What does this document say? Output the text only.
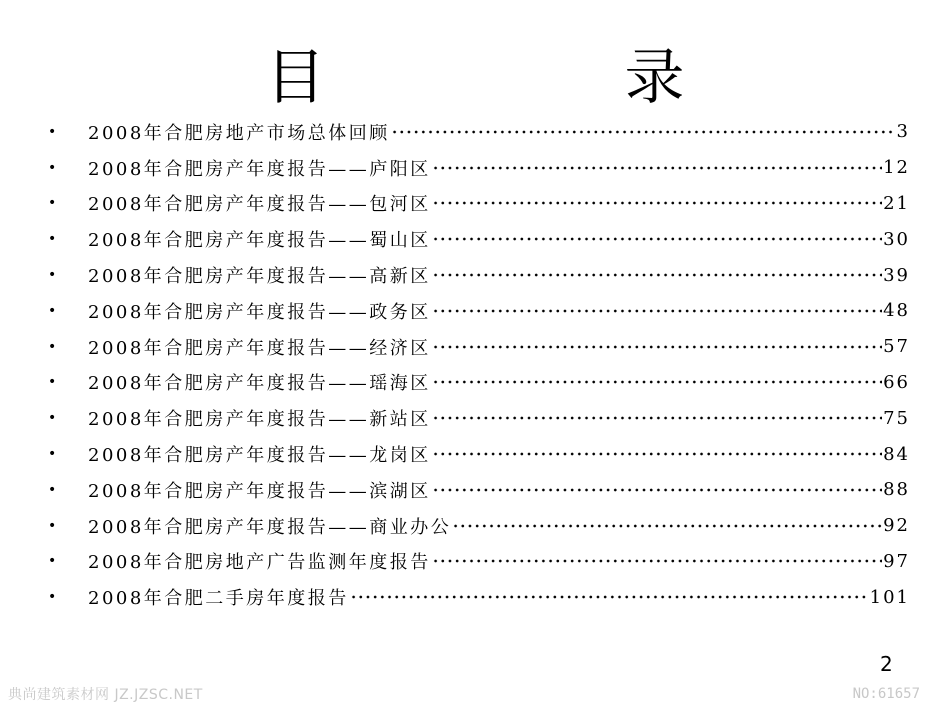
目 录
•	2008年合肥房地产市场总体回顾	3
•	2008年合肥房产年度报告——庐阳区	12
•	2008年合肥房产年度报告——包河区	21
•	2008年合肥房产年度报告——蜀山区	30
•	2008年合肥房产年度报告——高新区	39
•	2008年合肥房产年度报告——政务区	48
•	2008年合肥房产年度报告——经济区	57
•	2008年合肥房产年度报告——瑶海区	66
•	2008年合肥房产年度报告——新站区	75
•	2008年合肥房产年度报告——龙岗区	84
•	2008年合肥房产年度报告——滨湖区	88
•	2008年合肥房产年度报告——商业办公	92
•	2008年合肥房地产广告监测年度报告	97
•	2008年合肥二手房年度报告	101
2
典尚建筑素材网 JZ.JZSC.NET	NO:61657
